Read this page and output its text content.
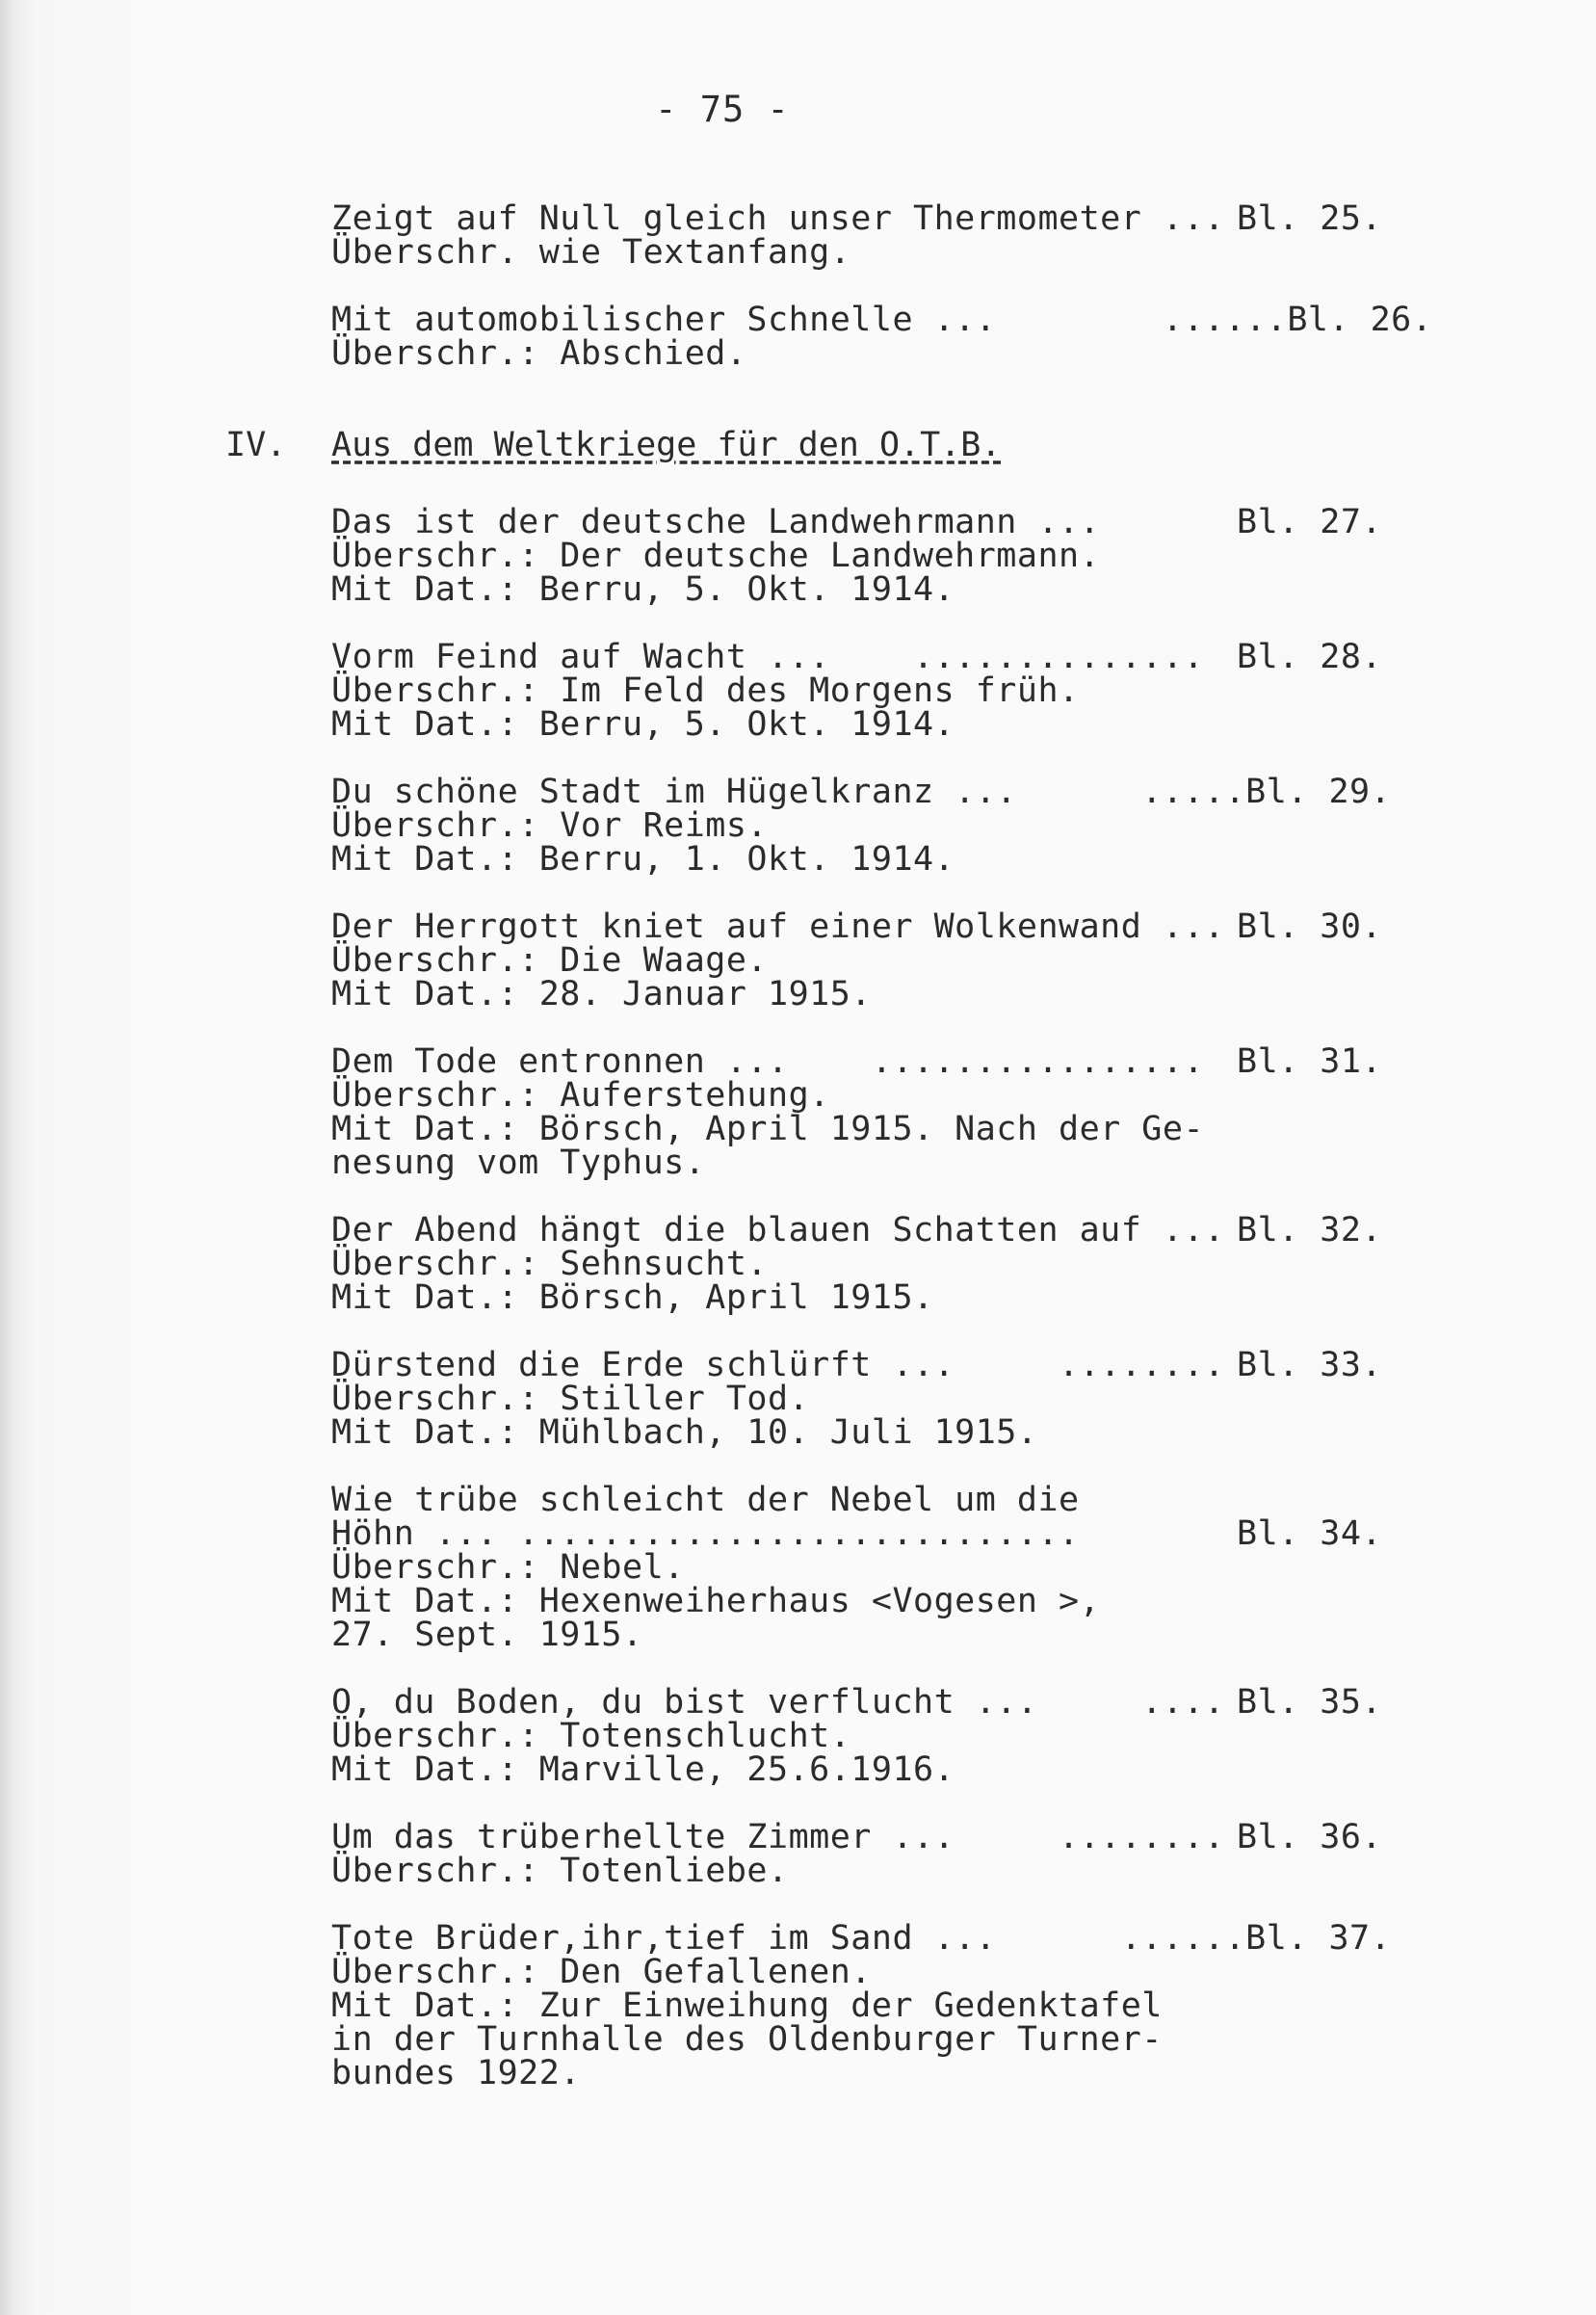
- 75 -
Zeigt auf Null gleich unser Thermometer ... Bl. 25.
Überschr. wie Textanfang.
Mit automobilischer Schnelle ...        ...... Bl. 26.
Überschr.: Abschied.
IV. Aus dem Weltkriege für den O.T.B.
Das ist der deutsche Landwehrmann ...	Bl. 27.
Überschr.: Der deutsche Landwehrmann.
Mit Dat.: Berru, 5. Okt. 1914.
Vorm Feind auf Wacht ...    .............. Bl. 28.
Überschr.: Im Feld des Morgens früh.
Mit Dat.: Berru, 5. Okt. 1914.
Du schöne Stadt im Hügelkranz ...      ..... Bl. 29.
Überschr.: Vor Reims.
Mit Dat.: Berru, 1. Okt. 1914.
Der Herrgott kniet auf einer Wolkenwand ... Bl. 30.
Überschr.: Die Waage.
Mit Dat.: 28. Januar 1915.
Dem Tode entronnen ...    ................ Bl. 31.
Überschr.: Auferstehung.
Mit Dat.: Börsch, April 1915. Nach der Ge-
nesung vom Typhus.
Der Abend hängt die blauen Schatten auf ... Bl. 32.
Überschr.: Sehnsucht.
Mit Dat.: Börsch, April 1915.
Dürstend die Erde schlürft ...     ........ Bl. 33.
Überschr.: Stiller Tod.
Mit Dat.: Mühlbach, 10. Juli 1915.
Wie trübe schleicht der Nebel um die
Höhn ... ...........................	Bl. 34.
Überschr.: Nebel.
Mit Dat.: Hexenweiherhaus <Vogesen >,
27. Sept. 1915.
O, du Boden, du bist verflucht ...     .... Bl. 35.
Überschr.: Totenschlucht.
Mit Dat.: Marville, 25.6.1916.
Um das trüberhellte Zimmer ...     ........ Bl. 36.
Überschr.: Totenliebe.
Tote Brüder,ihr,tief im Sand ...      ...... Bl. 37.
Überschr.: Den Gefallenen.
Mit Dat.: Zur Einweihung der Gedenktafel
in der Turnhalle des Oldenburger Turner-
bundes 1922.
